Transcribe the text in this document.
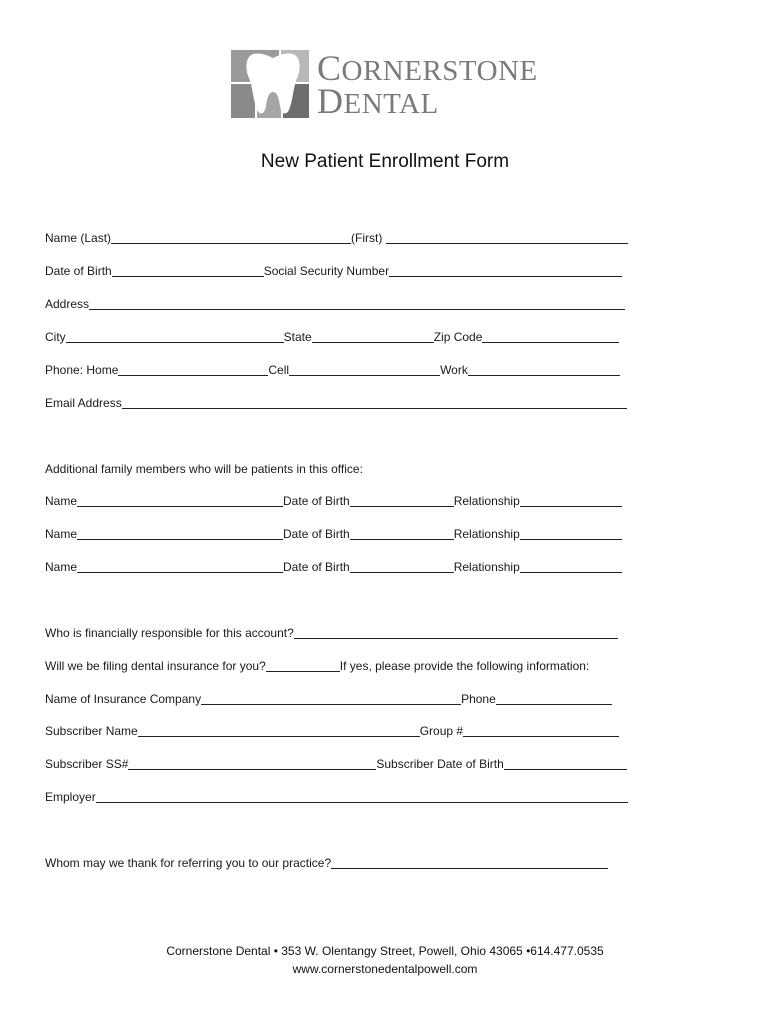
CORNERSTONE
DENTAL
New Patient Enrollment Form
Name (Last)	(First)
Date of Birth	Social Security Number
Address
City	State	Zip Code
Phone: Home	Cell	Work
Email Address
Additional family members who will be patients in this office:
Name	Date of Birth	Relationship
Name	Date of Birth	Relationship
Name	Date of Birth	Relationship
Who is financially responsible for this account?
Will we be filing dental insurance for you?	If yes, please provide the following information:
Name of Insurance Company	Phone
Subscriber Name	Group #
Subscriber SS#	Subscriber Date of Birth
Employer
Whom may we thank for referring you to our practice?
Cornerstone Dental • 353 W. Olentangy Street, Powell, Ohio 43065 •614.477.0535
www.cornerstonedentalpowell.com
